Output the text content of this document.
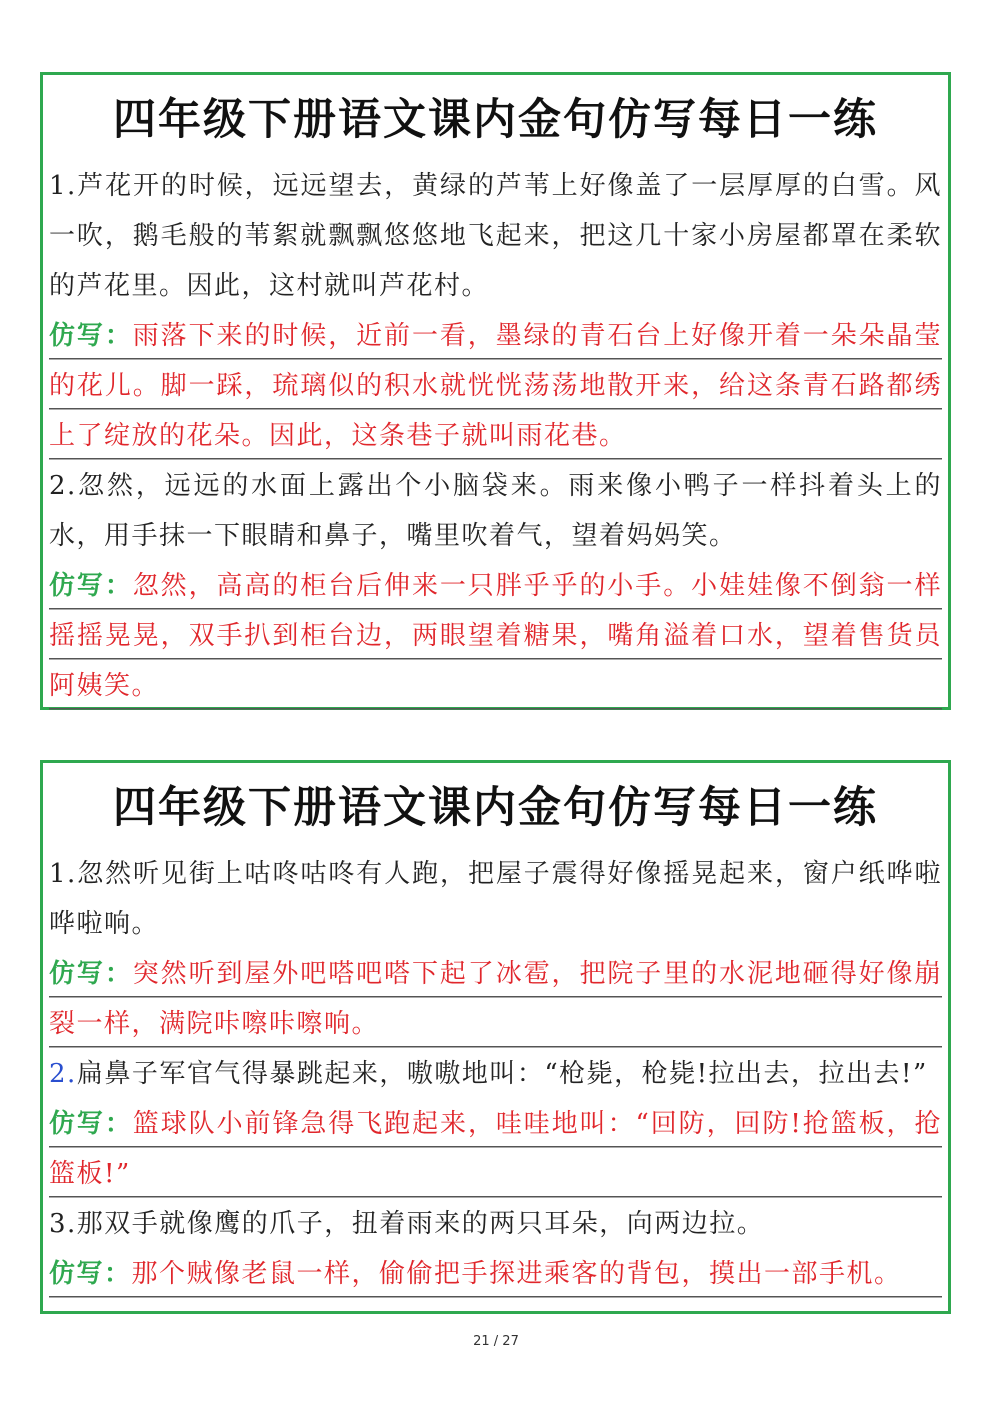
四年级下册语文课内金句仿写每日一练

1.芦花开的时候，远远望去，黄绿的芦苇上好像盖了一层厚厚的白雪。风一吹，鹅毛般的苇絮就飘飘悠悠地飞起来，把这几十家小房屋都罩在柔软的芦花里。因此，这村就叫芦花村。

仿写：雨落下来的时候，近前一看，墨绿的青石台上好像开着一朵朵晶莹的花儿。脚一踩，琉璃似的积水就恍恍荡荡地散开来，给这条青石路都绣上了绽放的花朵。因此，这条巷子就叫雨花巷。

2.忽然，远远的水面上露出个小脑袋来。雨来像小鸭子一样抖着头上的水，用手抹一下眼睛和鼻子，嘴里吹着气，望着妈妈笑。

仿写：忽然，高高的柜台后伸来一只胖乎乎的小手。小娃娃像不倒翁一样摇摇晃晃，双手扒到柜台边，两眼望着糖果，嘴角溢着口水，望着售货员阿姨笑。

四年级下册语文课内金句仿写每日一练

1.忽然听见街上咕咚咕咚有人跑，把屋子震得好像摇晃起来，窗户纸哗啦哗啦响。

仿写：突然听到屋外吧嗒吧嗒下起了冰雹，把院子里的水泥地砸得好像崩裂一样，满院咔嚓咔嚓响。

2.扁鼻子军官气得暴跳起来，嗷嗷地叫：“枪毙，枪毙!拉出去，拉出去!”

仿写：篮球队小前锋急得飞跑起来，哇哇地叫：“回防，回防!抢篮板，抢篮板!”

3.那双手就像鹰的爪子，扭着雨来的两只耳朵，向两边拉。

仿写：那个贼像老鼠一样，偷偷把手探进乘客的背包，摸出一部手机。

21 / 27
